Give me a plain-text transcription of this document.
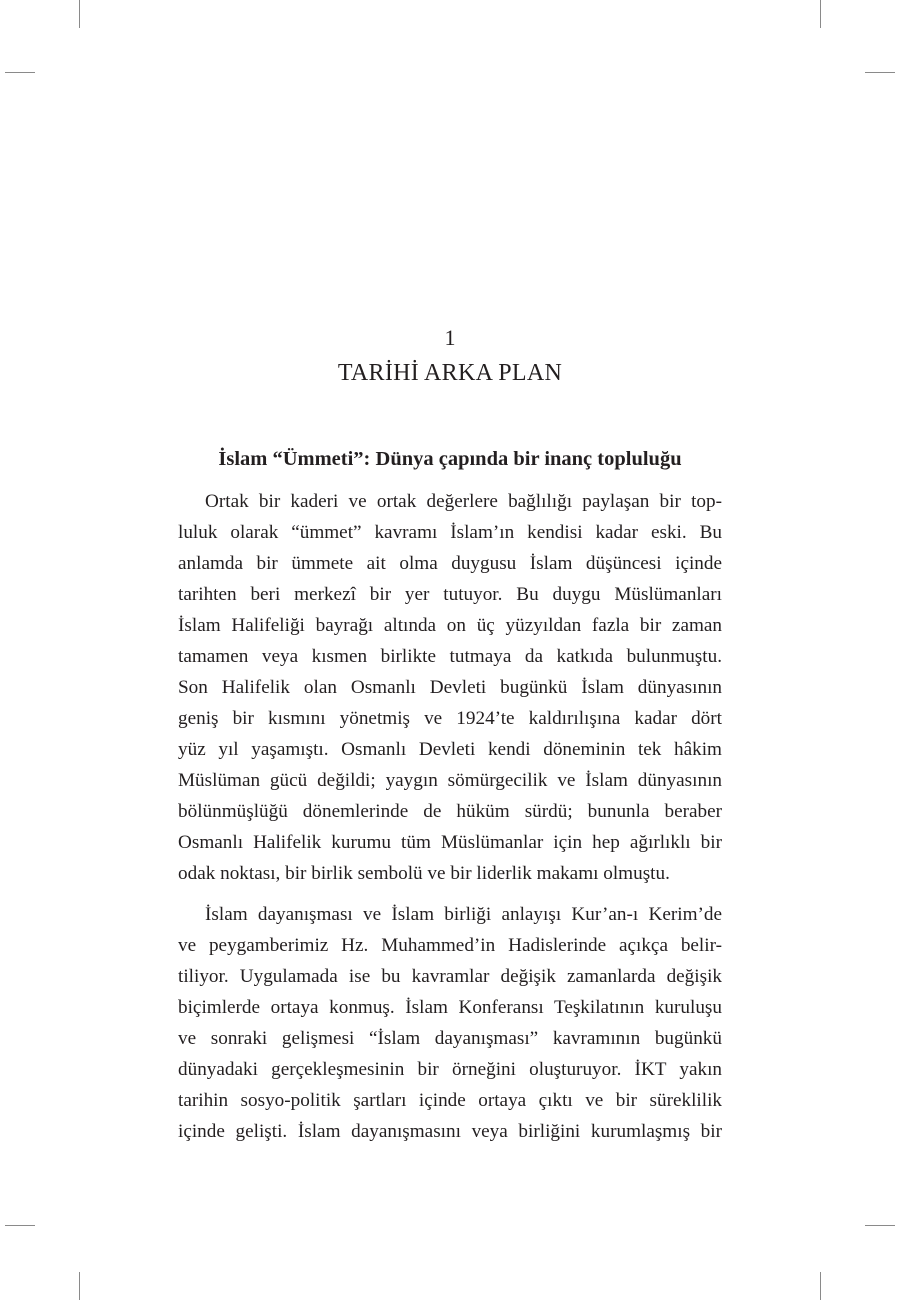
1
TARİHİ ARKA PLAN
İslam “Ümmeti”: Dünya çapında bir inanç topluluğu
Ortak bir kaderi ve ortak değerlere bağlılığı paylaşan bir top-
luluk olarak “ümmet” kavramı İslam’ın kendisi kadar eski. Bu
anlamda bir ümmete ait olma duygusu İslam düşüncesi içinde
tarihten beri merkezî bir yer tutuyor. Bu duygu Müslümanları
İslam Halifeliği bayrağı altında on üç yüzyıldan fazla bir zaman
tamamen veya kısmen birlikte tutmaya da katkıda bulunmuştu.
Son Halifelik olan Osmanlı Devleti bugünkü İslam dünyasının
geniş bir kısmını yönetmiş ve 1924’te kaldırılışına kadar dört
yüz yıl yaşamıştı. Osmanlı Devleti kendi döneminin tek hâkim
Müslüman gücü değildi; yaygın sömürgecilik ve İslam dünyasının
bölünmüşlüğü dönemlerinde de hüküm sürdü; bununla beraber
Osmanlı Halifelik kurumu tüm Müslümanlar için hep ağırlıklı bir
odak noktası, bir birlik sembolü ve bir liderlik makamı olmuştu.
İslam dayanışması ve İslam birliği anlayışı Kur’an-ı Kerim’de
ve peygamberimiz Hz. Muhammed’in Hadislerinde açıkça belir-
tiliyor. Uygulamada ise bu kavramlar değişik zamanlarda değişik
biçimlerde ortaya konmuş. İslam Konferansı Teşkilatının kuruluşu
ve sonraki gelişmesi “İslam dayanışması” kavramının bugünkü
dünyadaki gerçekleşmesinin bir örneğini oluşturuyor. İKT yakın
tarihin sosyo-politik şartları içinde ortaya çıktı ve bir süreklilik
içinde gelişti. İslam dayanışmasını veya birliğini kurumlaşmış bir
